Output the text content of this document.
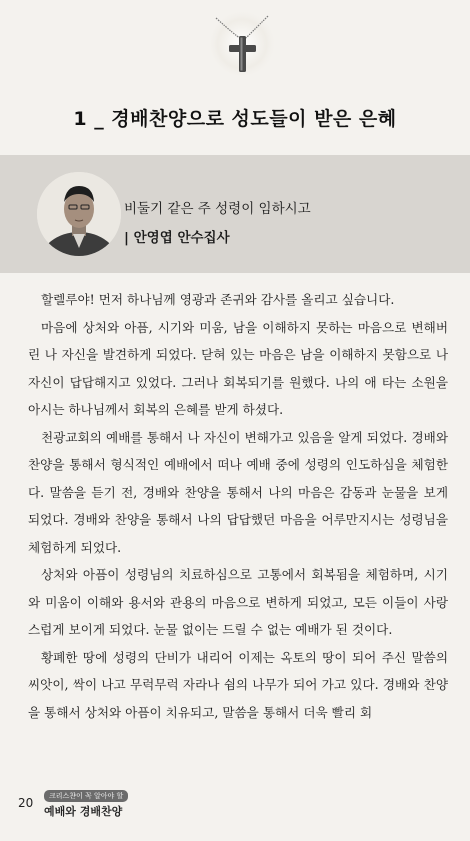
1 _ 경배찬양으로 성도들이 받은 은혜
비둘기 같은 주 성령이 임하시고
| 안영엽 안수집사

할렐루야! 먼저 하나님께 영광과 존귀와 감사를 올리고 싶습니다.

마음에 상처와 아픔, 시기와 미움, 남을 이해하지 못하는 마음으로 변해버린 나 자신을 발견하게 되었다. 닫혀 있는 마음은 남을 이해하지 못함으로 나 자신이 답답해지고 있었다. 그러나 회복되기를 원했다. 나의 애 타는 소원을 아시는 하나님께서 회복의 은혜를 받게 하셨다.

천광교회의 예배를 통해서 나 자신이 변해가고 있음을 알게 되었다. 경배와 찬양을 통해서 형식적인 예배에서 떠나 예배 중에 성령의 인도하심을 체험한다. 말씀을 듣기 전, 경배와 찬양을 통해서 나의 마음은 감동과 눈물을 보게 되었다. 경배와 찬양을 통해서 나의 답답했던 마음을 어루만지시는 성령님을 체험하게 되었다.

상처와 아픔이 성령님의 치료하심으로 고통에서 회복됨을 체험하며, 시기와 미움이 이해와 용서와 관용의 마음으로 변하게 되었고, 모든 이들이 사랑스럽게 보이게 되었다. 눈물 없이는 드릴 수 없는 예배가 된 것이다.

황폐한 땅에 성령의 단비가 내리어 이제는 옥토의 땅이 되어 주신 말씀의 씨앗이, 싹이 나고 무럭무럭 자라나 쉼의 나무가 되어 가고 있다. 경배와 찬양을 통해서 상처와 아픔이 치유되고, 말씀을 통해서 더욱 빨리 회

20	크리스챤이 꼭 알아야 할
예배와 경배찬양
